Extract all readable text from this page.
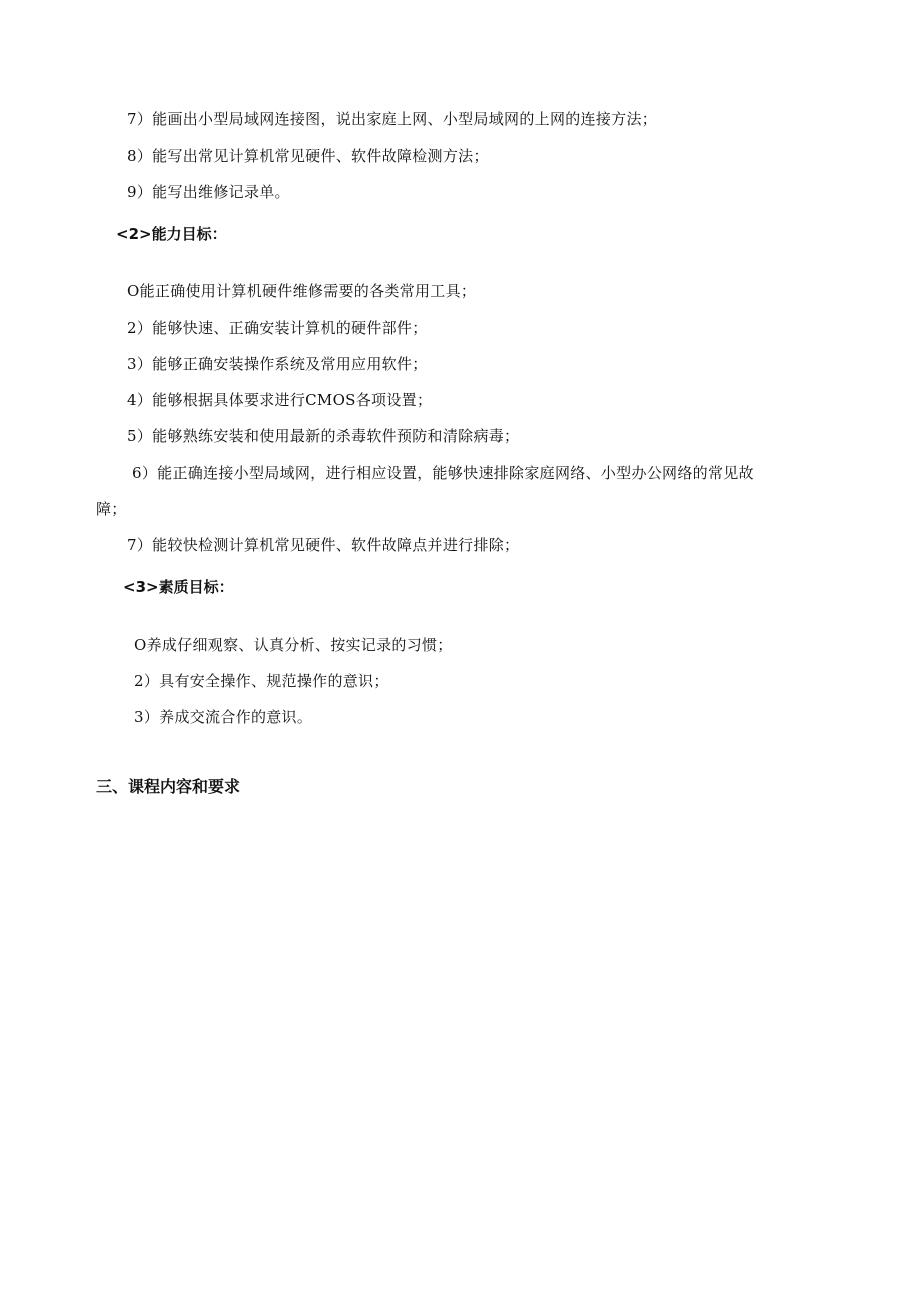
7）能画出小型局域网连接图，说出家庭上网、小型局域网的上网的连接方法；
8）能写出常见计算机常见硬件、软件故障检测方法；
9）能写出维修记录单。
<2>能力目标：
O能正确使用计算机硬件维修需要的各类常用工具；
2）能够快速、正确安装计算机的硬件部件；
3）能够正确安装操作系统及常用应用软件；
4）能够根据具体要求进行CMOS各项设置；
5）能够熟练安装和使用最新的杀毒软件预防和清除病毒；
6）能正确连接小型局域网，进行相应设置，能够快速排除家庭网络、小型办公网络的常见故
障；
7）能较快检测计算机常见硬件、软件故障点并进行排除；
<3>素质目标：
O养成仔细观察、认真分析、按实记录的习惯；
2）具有安全操作、规范操作的意识；
3）养成交流合作的意识。
三、课程内容和要求
